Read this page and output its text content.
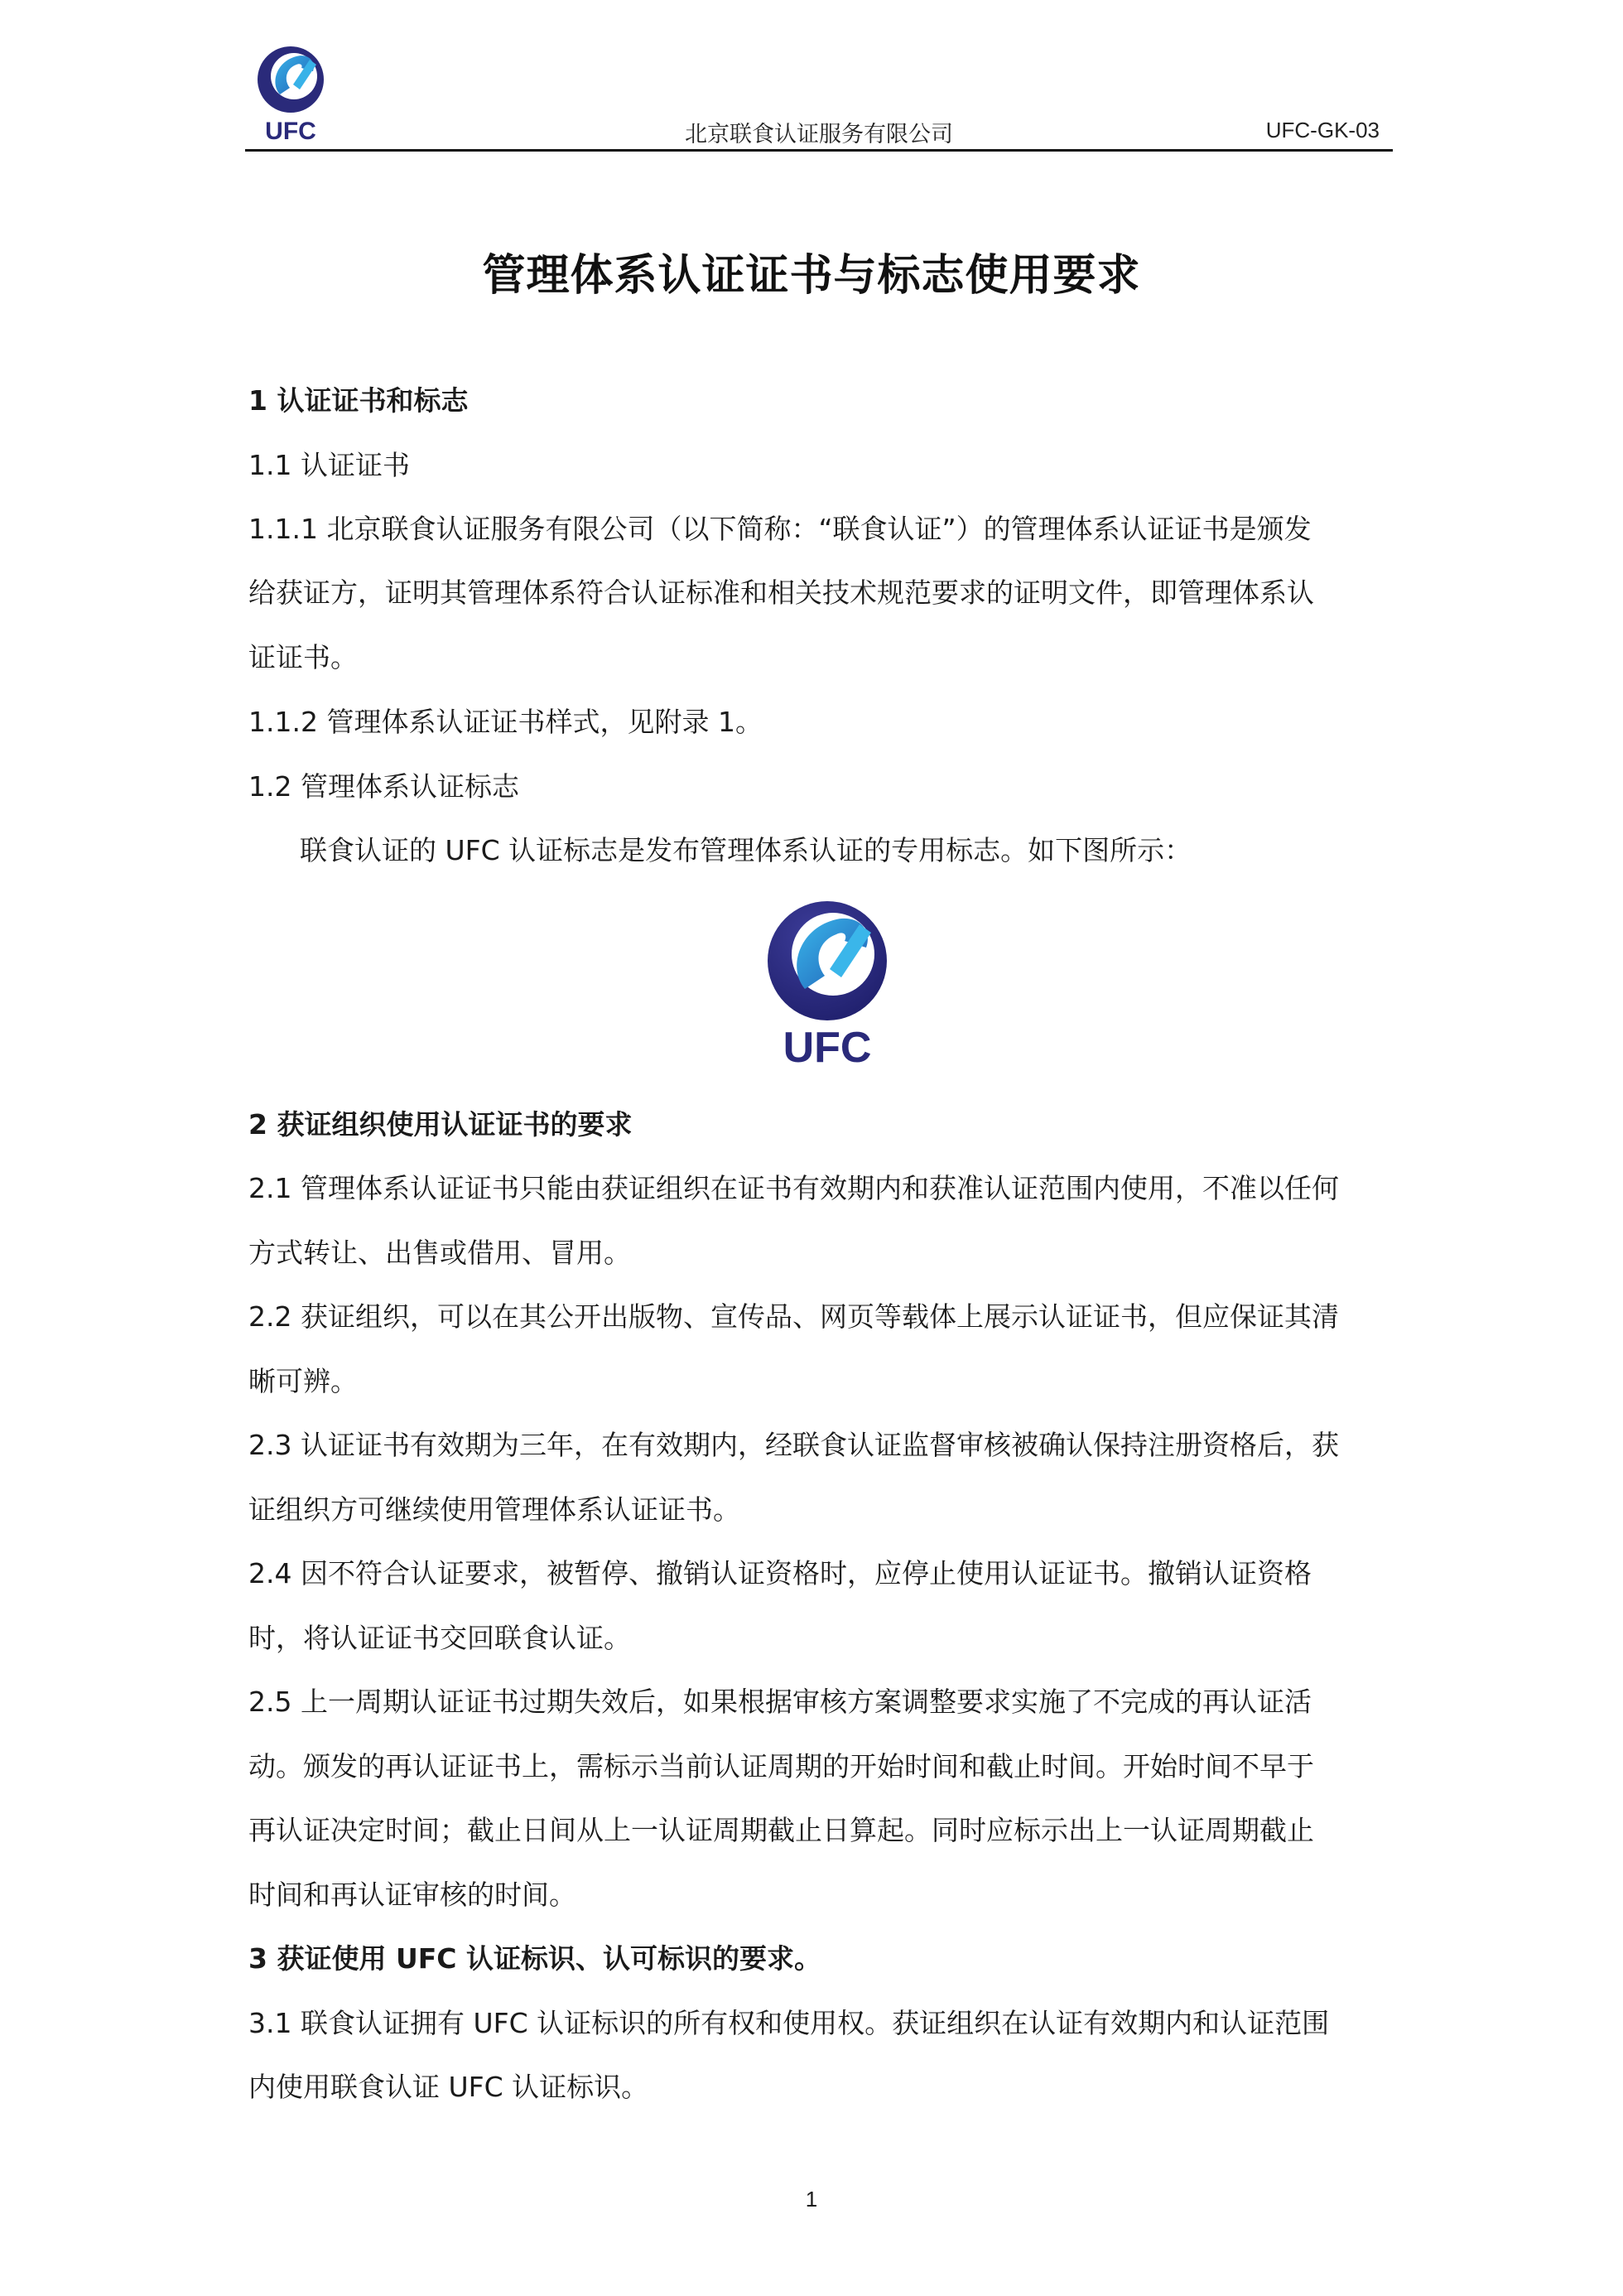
UFC	北京联食认证服务有限公司	UFC-GK-03
管理体系认证证书与标志使用要求
1 认证证书和标志
1.1 认证证书
1.1.1 北京联食认证服务有限公司（以下简称：“联食认证”）的管理体系认证证书是颁发
给获证方，证明其管理体系符合认证标准和相关技术规范要求的证明文件，即管理体系认
证证书。
1.1.2 管理体系认证证书样式，见附录 1。
1.2 管理体系认证标志
联食认证的 UFC 认证标志是发布管理体系认证的专用标志。如下图所示：
UFC
2 获证组织使用认证证书的要求
2.1 管理体系认证证书只能由获证组织在证书有效期内和获准认证范围内使用，不准以任何
方式转让、出售或借用、冒用。
2.2 获证组织，可以在其公开出版物、宣传品、网页等载体上展示认证证书，但应保证其清
晰可辨。
2.3 认证证书有效期为三年，在有效期内，经联食认证监督审核被确认保持注册资格后，获
证组织方可继续使用管理体系认证证书。
2.4 因不符合认证要求，被暂停、撤销认证资格时，应停止使用认证证书。撤销认证资格
时，将认证证书交回联食认证。
2.5 上一周期认证证书过期失效后，如果根据审核方案调整要求实施了不完成的再认证活
动。颁发的再认证证书上，需标示当前认证周期的开始时间和截止时间。开始时间不早于
再认证决定时间；截止日间从上一认证周期截止日算起。同时应标示出上一认证周期截止
时间和再认证审核的时间。
3 获证使用 UFC 认证标识、认可标识的要求。
3.1 联食认证拥有 UFC 认证标识的所有权和使用权。获证组织在认证有效期内和认证范围
内使用联食认证 UFC 认证标识。
1
